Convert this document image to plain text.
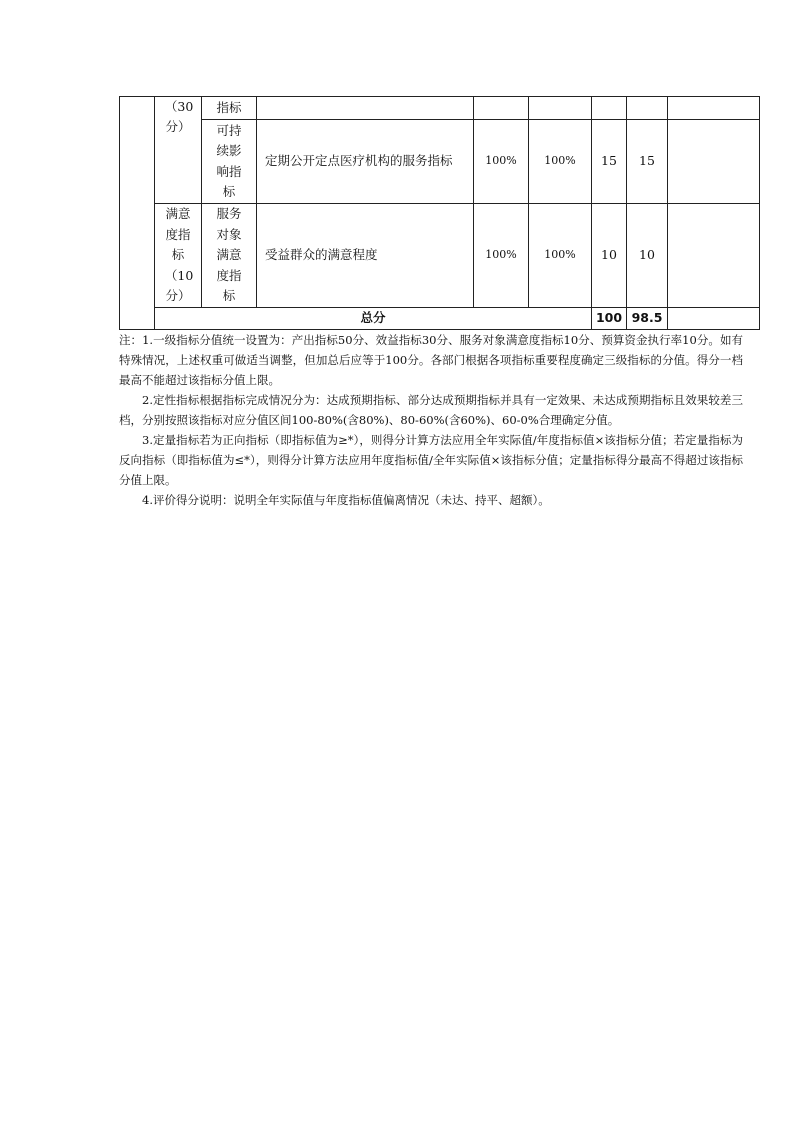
	（30分）	指标						

		可持续影响指标	定期公开定点医疗机构的服务指标	100%	100%	15	15	

	满意度指标（10分）	服务对象满意度指标	受益群众的满意程度	100%	100%	10	10	
	总分					100	98.5	

注：1.一级指标分值统一设置为：产出指标50分、效益指标30分、服务对象满意度指标10分、预算资金执行率10分。如有特殊情况，上述权重可做适当调整，但加总后应等于100分。各部门根据各项指标重要程度确定三级指标的分值。得分一档最高不能超过该指标分值上限。

2.定性指标根据指标完成情况分为：达成预期指标、部分达成预期指标并具有一定效果、未达成预期指标且效果较差三档，分别按照该指标对应分值区间100-80%(含80%)、80-60%(含60%)、60-0%合理确定分值。

3.定量指标若为正向指标（即指标值为≥*），则得分计算方法应用全年实际值/年度指标值×该指标分值；若定量指标为反向指标（即指标值为≤*），则得分计算方法应用年度指标值/全年实际值×该指标分值；定量指标得分最高不得超过该指标分值上限。

4.评价得分说明：说明全年实际值与年度指标值偏离情况（未达、持平、超额）。
